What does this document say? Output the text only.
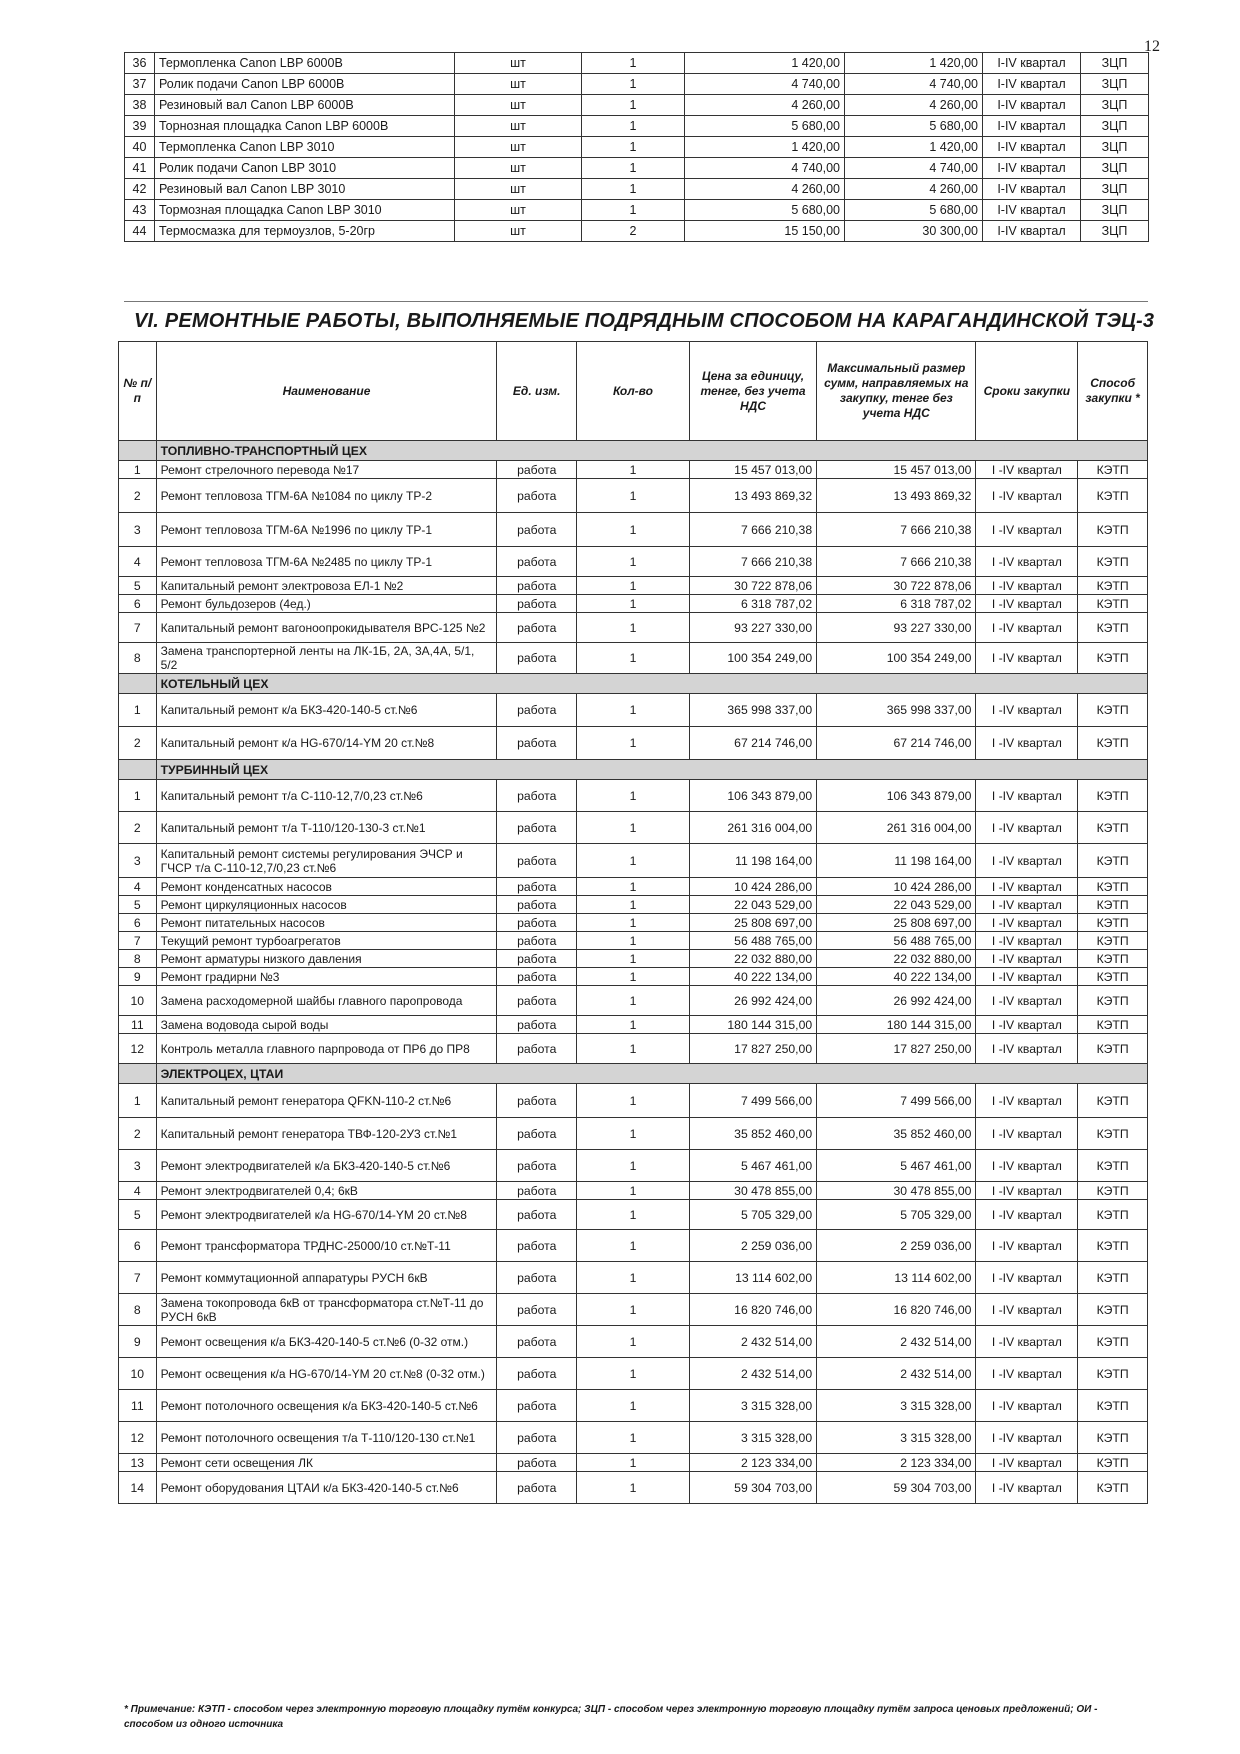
12
36	Термопленка Canon LBP 6000B	шт	1	1 420,00	1 420,00	I-IV квартал	ЗЦП
37	Ролик подачи Canon LBP 6000B	шт	1	4 740,00	4 740,00	I-IV квартал	ЗЦП
38	Резиновый вал Canon LBP 6000B	шт	1	4 260,00	4 260,00	I-IV квартал	ЗЦП
39	Торнозная площадка Canon LBP 6000B	шт	1	5 680,00	5 680,00	I-IV квартал	ЗЦП
40	Термопленка Canon LBP 3010	шт	1	1 420,00	1 420,00	I-IV квартал	ЗЦП
41	Ролик подачи Canon LBP 3010	шт	1	4 740,00	4 740,00	I-IV квартал	ЗЦП
42	Резиновый вал Canon LBP 3010	шт	1	4 260,00	4 260,00	I-IV квартал	ЗЦП
43	Тормозная площадка Canon LBP 3010	шт	1	5 680,00	5 680,00	I-IV квартал	ЗЦП
44	Термосмазка для термоузлов, 5-20гр	шт	2	15 150,00	30 300,00	I-IV квартал	ЗЦП
VI. РЕМОНТНЫЕ РАБОТЫ, ВЫПОЛНЯЕМЫЕ ПОДРЯДНЫМ СПОСОБОМ НА КАРАГАНДИНСКОЙ ТЭЦ-3
№ п/п	Наименование	Ед. изм.	Кол-во	Цена за единицу, тенге, без учета НДС	Максимальный размер сумм, направляемых на закупку, тенге без учета НДС	Сроки закупки	Способ закупки *
	ТОПЛИВНО-ТРАНСПОРТНЫЙ ЦЕХ						
1	Ремонт стрелочного перевода №17	работа	1	15 457 013,00	15 457 013,00	I -IV квартал	КЭТП
2	Ремонт тепловоза ТГМ-6А №1084 по циклу ТР-2	работа	1	13 493 869,32	13 493 869,32	I -IV квартал	КЭТП
3	Ремонт тепловоза ТГМ-6А №1996 по циклу ТР-1	работа	1	7 666 210,38	7 666 210,38	I -IV квартал	КЭТП
4	Ремонт тепловоза ТГМ-6А №2485 по циклу ТР-1	работа	1	7 666 210,38	7 666 210,38	I -IV квартал	КЭТП
5	Капитальный ремонт электровоза ЕЛ-1 №2	работа	1	30 722 878,06	30 722 878,06	I -IV квартал	КЭТП
6	Ремонт бульдозеров (4ед.)	работа	1	6 318 787,02	6 318 787,02	I -IV квартал	КЭТП
7	Капитальный ремонт вагоноопрокидывателя ВРС-125 №2	работа	1	93 227 330,00	93 227 330,00	I -IV квартал	КЭТП
8	Замена транспортерной ленты на ЛК-1Б, 2А, 3А,4А, 5/1, 5/2	работа	1	100 354 249,00	100 354 249,00	I -IV квартал	КЭТП
	КОТЕЛЬНЫЙ ЦЕХ						
1	Капитальный ремонт к/а БКЗ-420-140-5 ст.№6	работа	1	365 998 337,00	365 998 337,00	I -IV квартал	КЭТП
2	Капитальный ремонт к/а HG-670/14-YM 20 ст.№8	работа	1	67 214 746,00	67 214 746,00	I -IV квартал	КЭТП
	ТУРБИННЫЙ ЦЕХ						
1	Капитальный ремонт т/а С-110-12,7/0,23 ст.№6	работа	1	106 343 879,00	106 343 879,00	I -IV квартал	КЭТП
2	Капитальный ремонт т/а Т-110/120-130-3 ст.№1	работа	1	261 316 004,00	261 316 004,00	I -IV квартал	КЭТП
3	Капитальный ремонт системы регулирования ЭЧСР и ГЧСР т/а С-110-12,7/0,23 ст.№6	работа	1	11 198 164,00	11 198 164,00	I -IV квартал	КЭТП
4	Ремонт конденсатных насосов	работа	1	10 424 286,00	10 424 286,00	I -IV квартал	КЭТП
5	Ремонт циркуляционных насосов	работа	1	22 043 529,00	22 043 529,00	I -IV квартал	КЭТП
6	Ремонт питательных насосов	работа	1	25 808 697,00	25 808 697,00	I -IV квартал	КЭТП
7	Текущий ремонт турбоагрегатов	работа	1	56 488 765,00	56 488 765,00	I -IV квартал	КЭТП
8	Ремонт арматуры низкого давления	работа	1	22 032 880,00	22 032 880,00	I -IV квартал	КЭТП
9	Ремонт градирни №3	работа	1	40 222 134,00	40 222 134,00	I -IV квартал	КЭТП
10	Замена расходомерной шайбы главного паропровода	работа	1	26 992 424,00	26 992 424,00	I -IV квартал	КЭТП
11	Замена водовода сырой воды	работа	1	180 144 315,00	180 144 315,00	I -IV квартал	КЭТП
12	Контроль металла главного парпровода от ПР6 до ПР8	работа	1	17 827 250,00	17 827 250,00	I -IV квартал	КЭТП
	ЭЛЕКТРОЦЕХ, ЦТАИ						
1	Капитальный ремонт генератора QFKN-110-2 ст.№6	работа	1	7 499 566,00	7 499 566,00	I -IV квартал	КЭТП
2	Капитальный ремонт генератора ТВФ-120-2У3 ст.№1	работа	1	35 852 460,00	35 852 460,00	I -IV квартал	КЭТП
3	Ремонт электродвигателей к/а БКЗ-420-140-5 ст.№6	работа	1	5 467 461,00	5 467 461,00	I -IV квартал	КЭТП
4	Ремонт электродвигателей 0,4; 6кВ	работа	1	30 478 855,00	30 478 855,00	I -IV квартал	КЭТП
5	Ремонт электродвигателей к/а HG-670/14-YM 20 ст.№8	работа	1	5 705 329,00	5 705 329,00	I -IV квартал	КЭТП
6	Ремонт трансформатора ТРДНС-25000/10 ст.№Т-11	работа	1	2 259 036,00	2 259 036,00	I -IV квартал	КЭТП
7	Ремонт коммутационной аппаратуры РУСН 6кВ	работа	1	13 114 602,00	13 114 602,00	I -IV квартал	КЭТП
8	Замена токопровода 6кВ от трансформатора ст.№Т-11 до РУСН 6кВ	работа	1	16 820 746,00	16 820 746,00	I -IV квартал	КЭТП
9	Ремонт освещения к/а БКЗ-420-140-5 ст.№6 (0-32 отм.)	работа	1	2 432 514,00	2 432 514,00	I -IV квартал	КЭТП
10	Ремонт освещения к/а HG-670/14-YM 20 ст.№8 (0-32 отм.)	работа	1	2 432 514,00	2 432 514,00	I -IV квартал	КЭТП
11	Ремонт потолочного освещения к/а БКЗ-420-140-5 ст.№6	работа	1	3 315 328,00	3 315 328,00	I -IV квартал	КЭТП
12	Ремонт потолочного освещения т/а Т-110/120-130 ст.№1	работа	1	3 315 328,00	3 315 328,00	I -IV квартал	КЭТП
13	Ремонт сети освещения ЛК	работа	1	2 123 334,00	2 123 334,00	I -IV квартал	КЭТП
14	Ремонт оборудования ЦТАИ к/а БКЗ-420-140-5 ст.№6	работа	1	59 304 703,00	59 304 703,00	I -IV квартал	КЭТП
* Примечание: КЭТП - способом через электронную торговую площадку путём конкурса; ЗЦП - способом через электронную торговую площадку путём запроса ценовых предложений; ОИ - способом из одного источника
